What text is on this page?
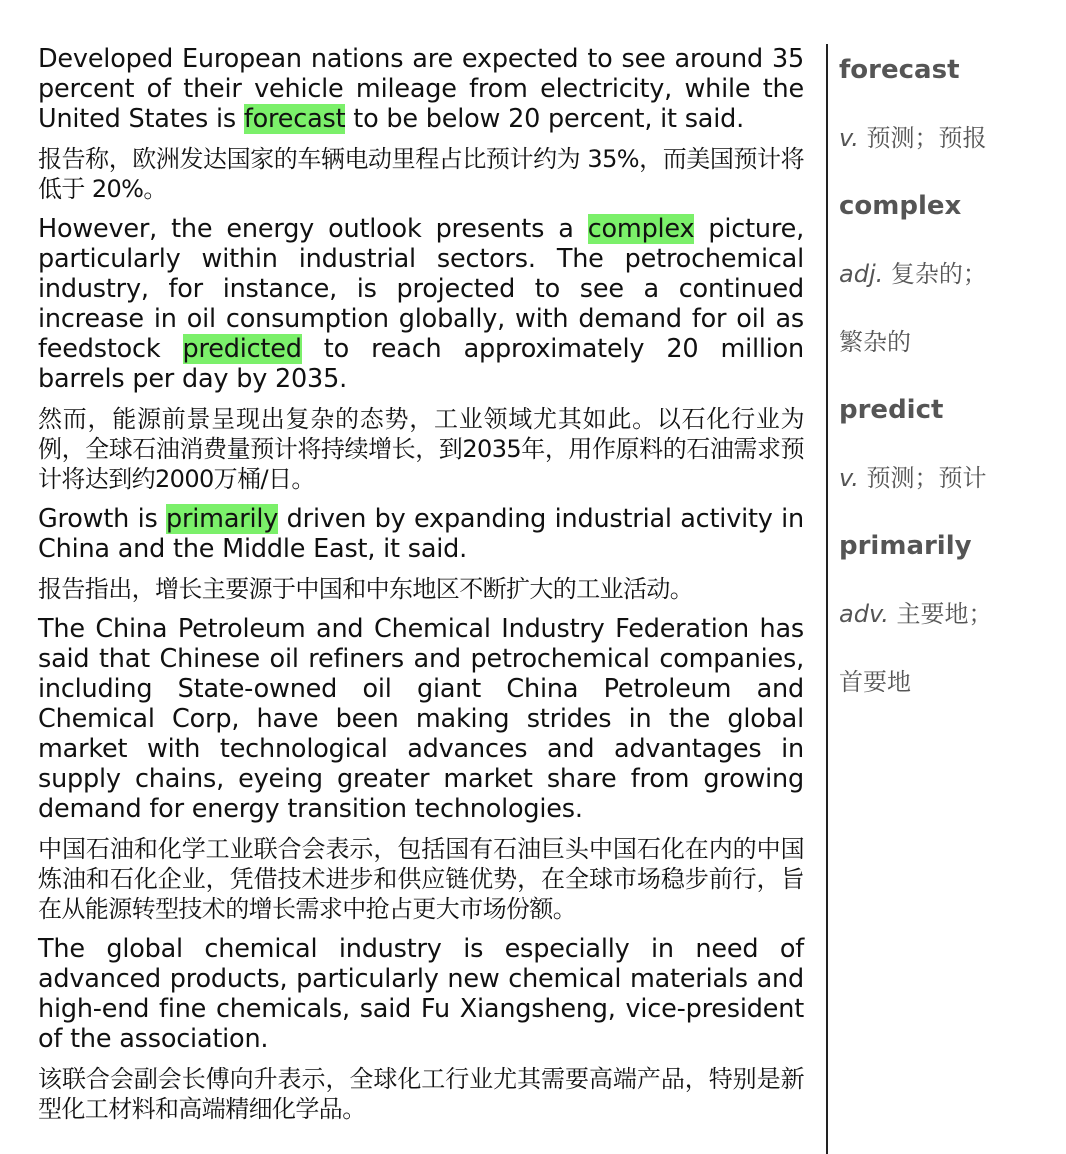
Developed European nations are expected to see around 35 percent of their vehicle mileage from electricity, while the United States is forecast to be below 20 percent, it said.

报告称，欧洲发达国家的车辆电动里程占比预计约为 35%，而美国预计将低于 20%。

However, the energy outlook presents a complex picture, particularly within industrial sectors. The petrochemical industry, for instance, is projected to see a continued increase in oil consumption globally, with demand for oil as feedstock predicted to reach approximately 20 million barrels per day by 2035.

然而，能源前景呈现出复杂的态势，工业领域尤其如此。以石化行业为例，全球石油消费量预计将持续增长，到2035年，用作原料的石油需求预计将达到约2000万桶/日。

Growth is primarily driven by expanding industrial activity in China and the Middle East, it said.

报告指出，增长主要源于中国和中东地区不断扩大的工业活动。

The China Petroleum and Chemical Industry Federation has said that Chinese oil refiners and petrochemical companies, including State-owned oil giant China Petroleum and Chemical Corp, have been making strides in the global market with technological advances and advantages in supply chains, eyeing greater market share from growing demand for energy transition technologies.

中国石油和化学工业联合会表示，包括国有石油巨头中国石化在内的中国炼油和石化企业，凭借技术进步和供应链优势，在全球市场稳步前行，旨在从能源转型技术的增长需求中抢占更大市场份额。

The global chemical industry is especially in need of advanced products, particularly new chemical materials and high-end fine chemicals, said Fu Xiangsheng, vice-president of the association.

该联合会副会长傅向升表示，全球化工行业尤其需要高端产品，特别是新型化工材料和高端精细化学品。

forecast

v. 预测；预报

complex

adj. 复杂的；

繁杂的

predict

v. 预测；预计

primarily

adv. 主要地；

首要地
